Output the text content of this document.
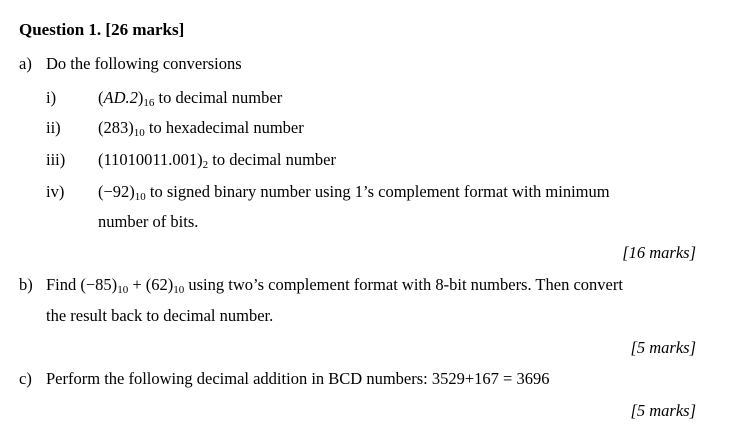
Question 1. [26 marks]
a) Do the following conversions
i)	$(AD.2)_{16}$ to decimal number
ii) $(283)_{10}$ to hexadecimal number
iii) $(11010011.001)_2$ to decimal number
iv) $(-92)_{10}$ to signed binary number using 1’s complement format with minimum
number of bits.
[16 marks]
b) Find $(-85)_{10} + (62)_{10}$ using two’s complement format with 8-bit numbers. Then convert
the result back to decimal number.
[5 marks]
c) Perform the following decimal addition in BCD numbers: 3529+167 = 3696
[5 marks]
